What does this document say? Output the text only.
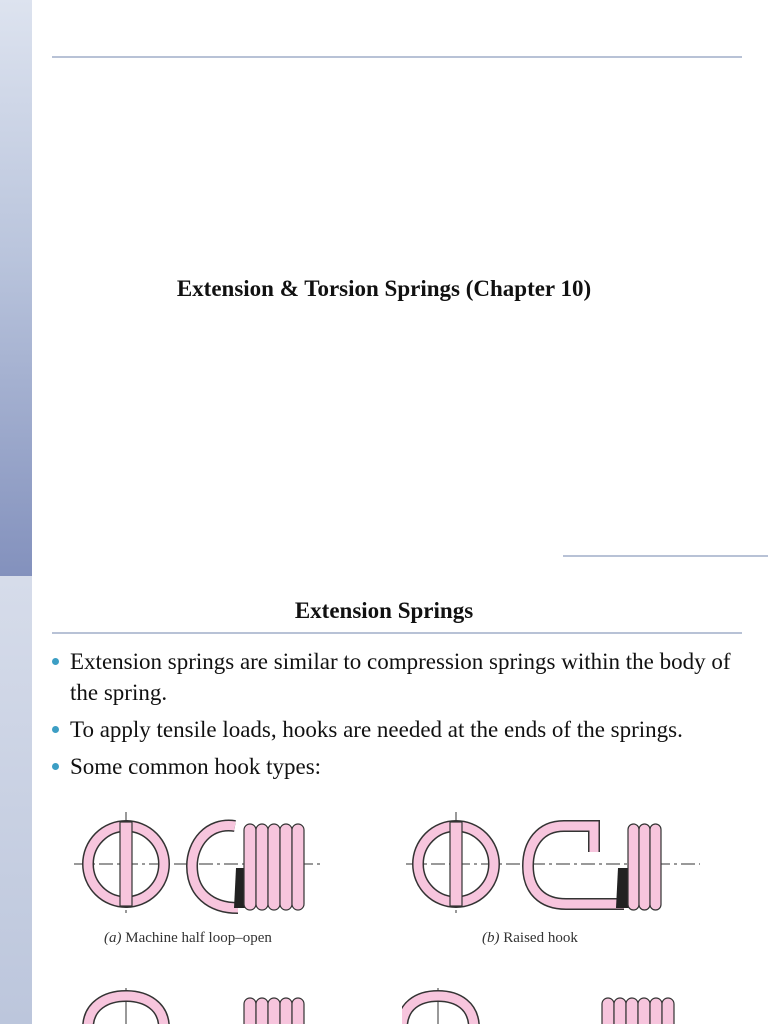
Extension & Torsion Springs (Chapter 10)
Extension Springs
Extension springs are similar to compression springs within the body of the spring.
To apply tensile loads, hooks are needed at the ends of the springs.
Some common hook types:
(a) Machine half loop–open	(b) Raised hook
